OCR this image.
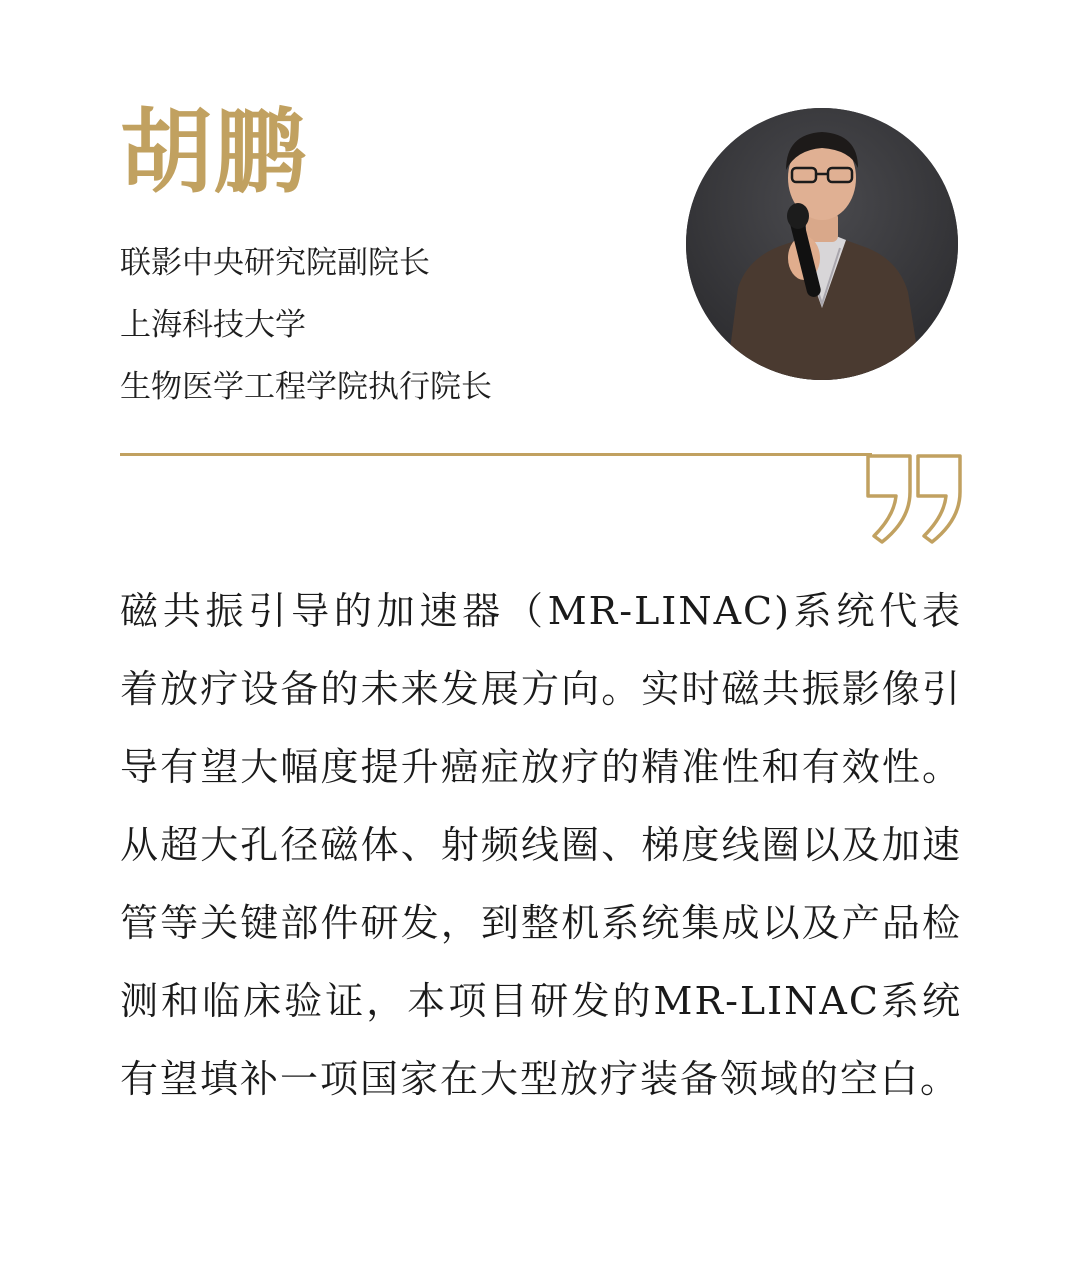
胡鹏
联影中央研究院副院长
上海科技大学
生物医学工程学院执行院长

磁共振引导的加速器（MR-LINAC)系统代表着放疗设备的未来发展方向。实时磁共振影像引导有望大幅度提升癌症放疗的精准性和有效性。从超大孔径磁体、射频线圈、梯度线圈以及加速管等关键部件研发，到整机系统集成以及产品检测和临床验证，本项目研发的MR-LINAC系统有望填补一项国家在大型放疗装备领域的空白。
